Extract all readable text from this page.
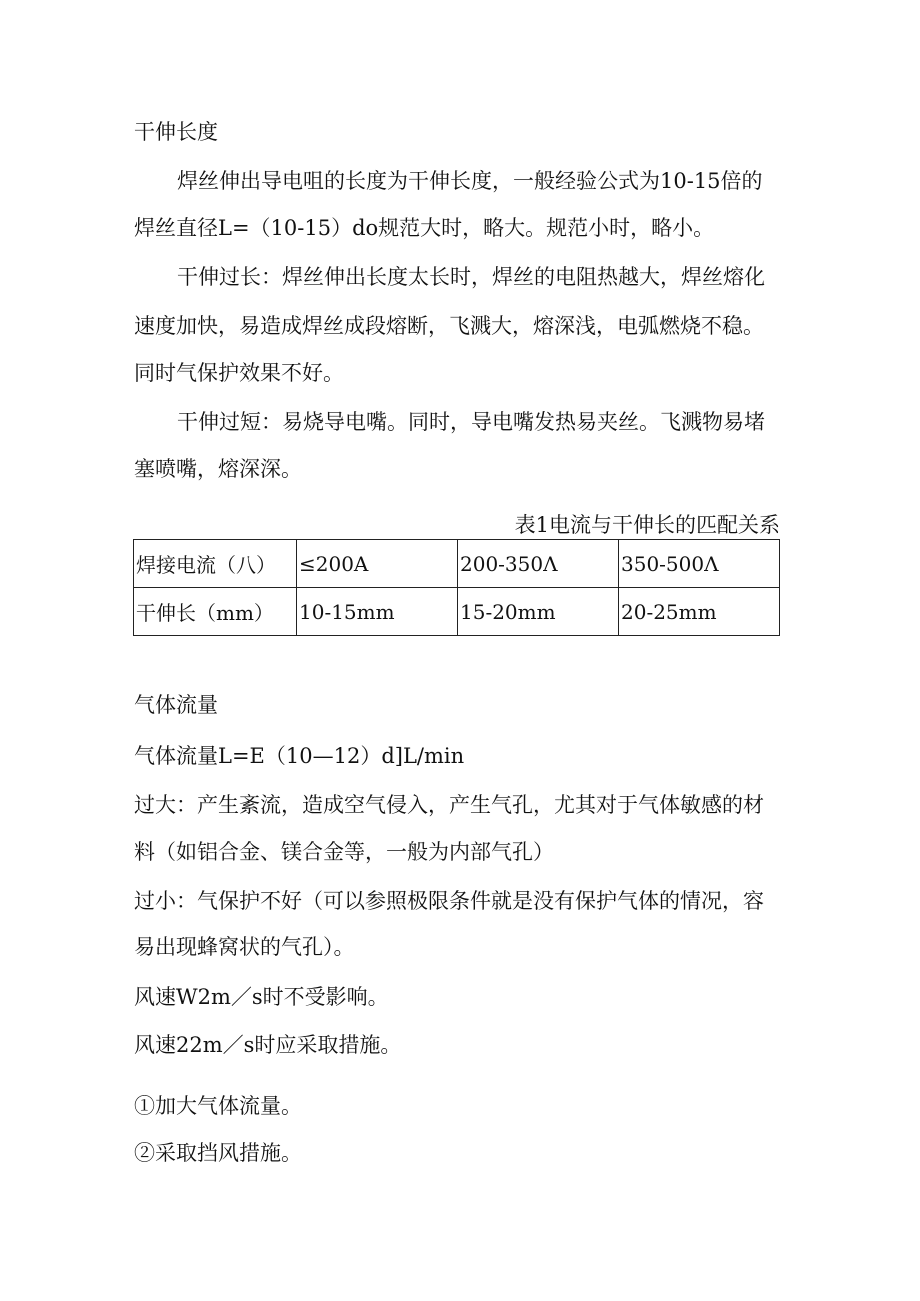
干伸长度
焊丝伸出导电咀的长度为干伸长度，一般经验公式为10-15倍的
焊丝直径L=（10-15）do规范大时，略大。规范小时，略小。
干伸过长：焊丝伸出长度太长时，焊丝的电阻热越大，焊丝熔化
速度加快，易造成焊丝成段熔断，飞溅大，熔深浅，电弧燃烧不稳。
同时气保护效果不好。
干伸过短：易烧导电嘴。同时，导电嘴发热易夹丝。飞溅物易堵
塞喷嘴，熔深深。
表1电流与干伸长的匹配关系
焊接电流（八）	≤200A	200-350Λ	350-500Λ
干伸长（mm）	10-15mm	15-20mm	20-25mm
气体流量
气体流量L=E（10—12）d]L/min
过大：产生紊流，造成空气侵入，产生气孔，尤其对于气体敏感的材
料（如铝合金、镁合金等，一般为内部气孔）
过小：气保护不好（可以参照极限条件就是没有保护气体的情况，容
易出现蜂窝状的气孔）。
风速W2m／s时不受影响。
风速22m／s时应采取措施。
①加大气体流量。
②采取挡风措施。
